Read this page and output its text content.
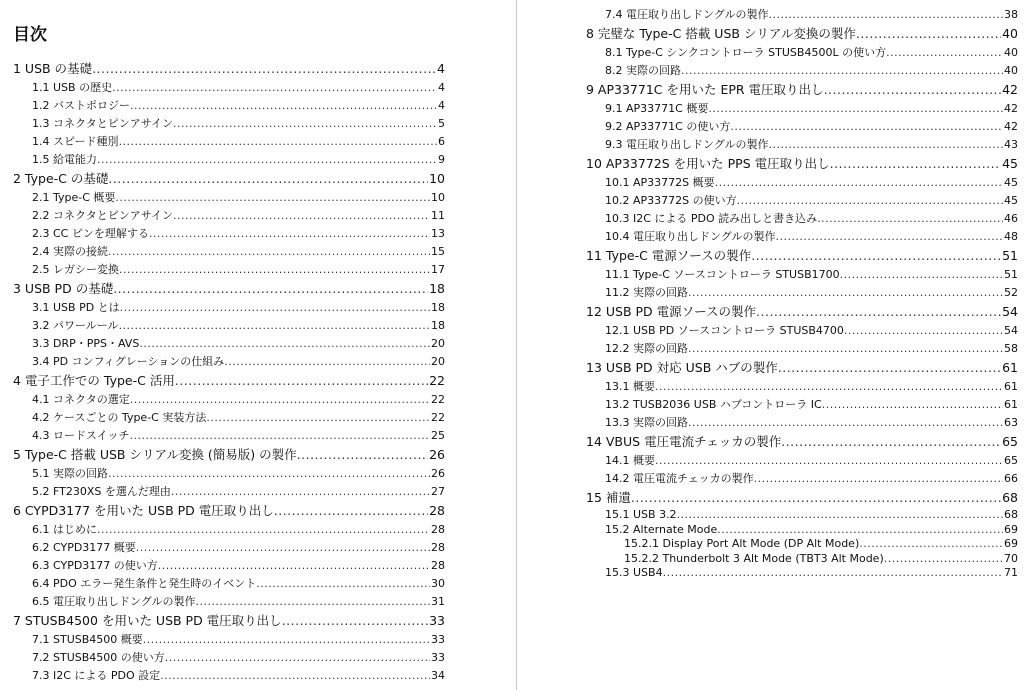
目次
1 USB の基礎 .....	4
1.1 USB の歴史 .....	4
1.2 バストポロジー .....	4
1.3 コネクタとピンアサイン .....	5
1.4 スピード種別 .....	6
1.5 給電能力 .....	9
2 Type-C の基礎 .....	10
2.1 Type-C 概要 .....	10
2.2 コネクタとピンアサイン .....	11
2.3 CC ピンを理解する .....	13
2.4 実際の接続 .....	15
2.5 レガシー変換 .....	17
3 USB PD の基礎 .....	18
3.1 USB PD とは .....	18
3.2 パワールール .....	18
3.3 DRP・PPS・AVS .....	20
3.4 PD コンフィグレーションの仕組み .....	20
4 電子工作での Type-C 活用 .....	22
4.1 コネクタの選定 .....	22
4.2 ケースごとの Type-C 実装方法 .....	22
4.3 ロードスイッチ .....	25
5 Type-C 搭載 USB シリアル変換 (簡易版) の製作 .....	26
5.1 実際の回路 .....	26
5.2 FT230XS を選んだ理由 .....	27
6 CYPD3177 を用いた USB PD 電圧取り出し .....	28
6.1 はじめに .....	28
6.2 CYPD3177 概要 .....	28
6.3 CYPD3177 の使い方 .....	28
6.4 PDO エラー発生条件と発生時のイベント .....	30
6.5 電圧取り出しドングルの製作 .....	31
7 STUSB4500 を用いた USB PD 電圧取り出し .....	33
7.1 STUSB4500 概要 .....	33
7.2 STUSB4500 の使い方 .....	33
7.3 I2C による PDO 設定 .....	34
7.4 電圧取り出しドングルの製作 .....	38
8 完璧な Type-C 搭載 USB シリアル変換の製作 .....	40
8.1 Type-C シンクコントローラ STUSB4500L の使い方 .....	40
8.2 実際の回路 .....	40
9 AP33771C を用いた EPR 電圧取り出し .....	42
9.1 AP33771C 概要 .....	42
9.2 AP33771C の使い方 .....	42
9.3 電圧取り出しドングルの製作 .....	43
10 AP33772S を用いた PPS 電圧取り出し .....	45
10.1 AP33772S 概要 .....	45
10.2 AP33772S の使い方 .....	45
10.3 I2C による PDO 読み出しと書き込み .....	46
10.4 電圧取り出しドングルの製作 .....	48
11 Type-C 電源ソースの製作 .....	51
11.1 Type-C ソースコントローラ STUSB1700 .....	51
11.2 実際の回路 .....	52
12 USB PD 電源ソースの製作 .....	54
12.1 USB PD ソースコントローラ STUSB4700 .....	54
12.2 実際の回路 .....	58
13 USB PD 対応 USB ハブの製作 .....	61
13.1 概要 .....	61
13.2 TUSB2036 USB ハブコントローラ IC .....	61
13.3 実際の回路 .....	63
14 VBUS 電圧電流チェッカの製作 .....	65
14.1 概要 .....	65
14.2 電圧電流チェッカの製作 .....	66
15 補遺 .....	68
15.1 USB 3.2 .....	68
15.2 Alternate Mode .....	69
15.2.1 Display Port Alt Mode (DP Alt Mode) .....	69
15.2.2 Thunderbolt 3 Alt Mode (TBT3 Alt Mode) .....	70
15.3 USB4 .....	71
